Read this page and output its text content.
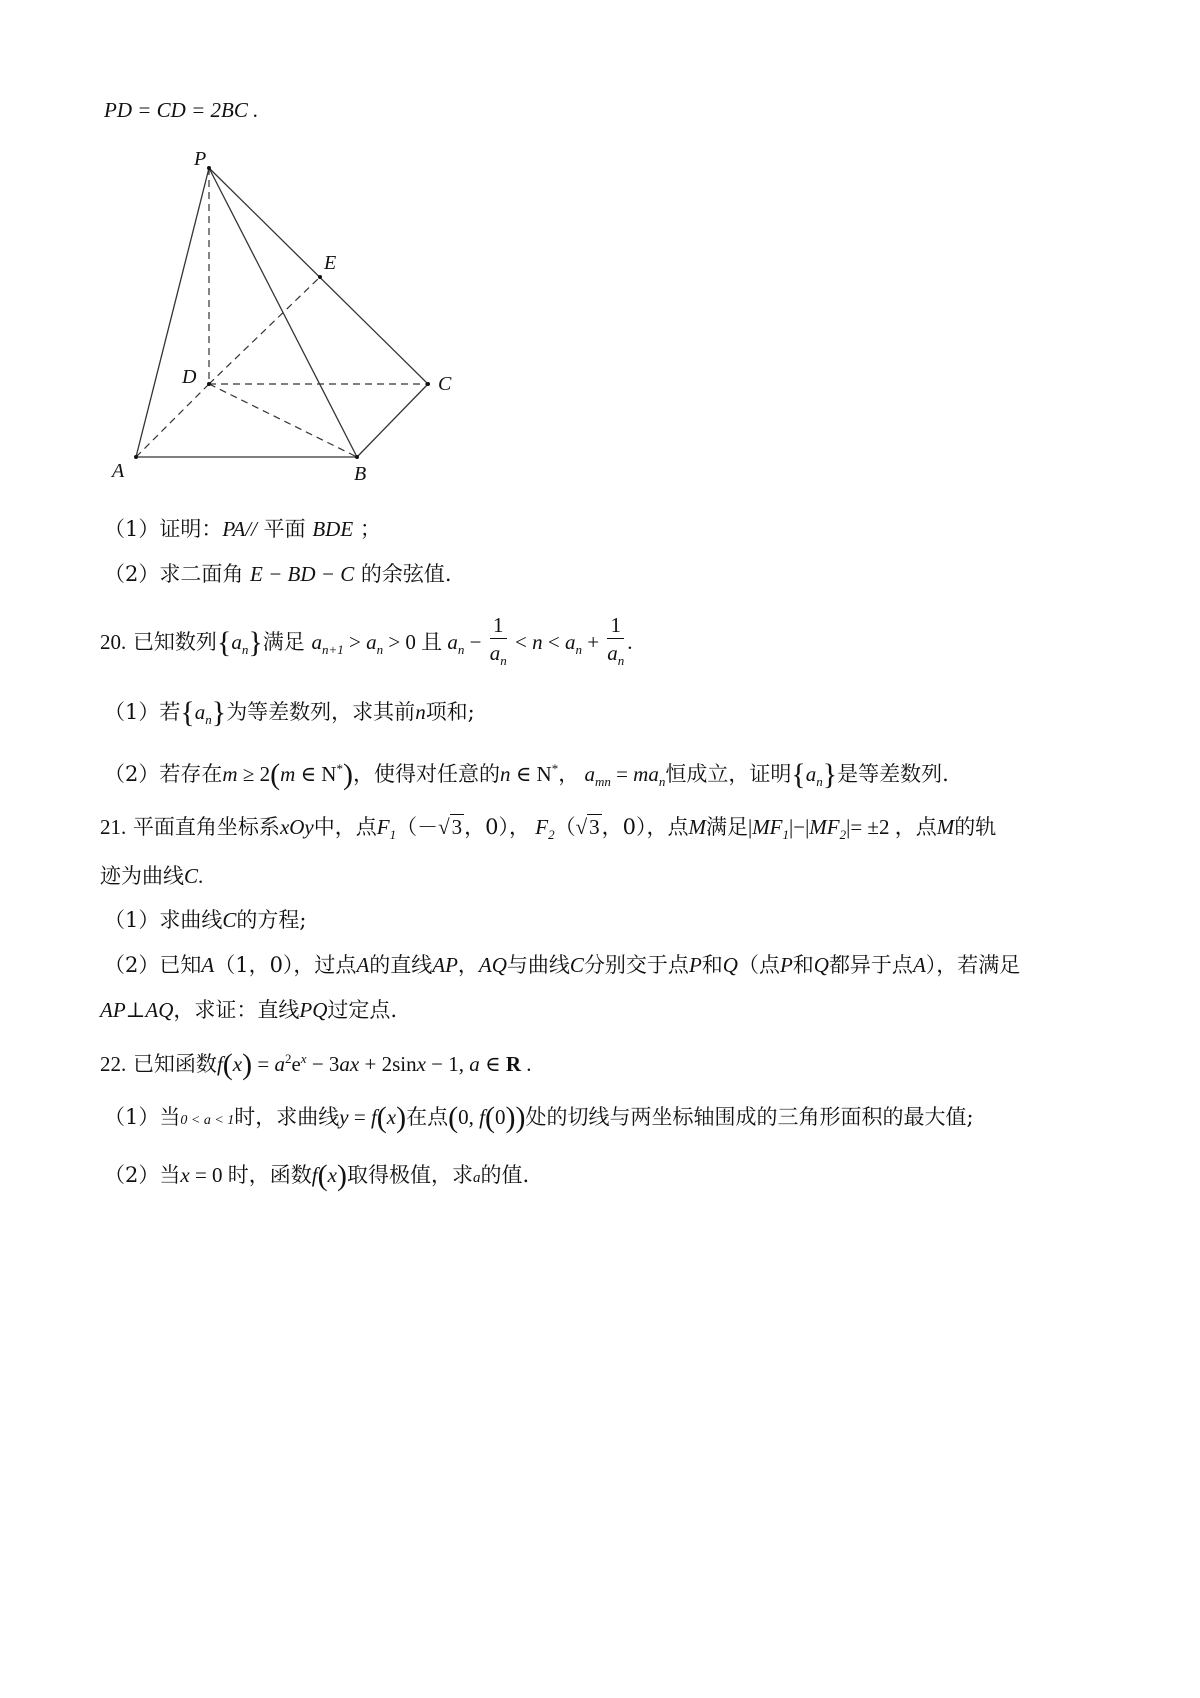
PD = CD = 2BC .
P
E
D	C
A	B
（1）证明：PA// 平面 BDE ；
（2）求二面角 E − BD − C 的余弦值.
20. 已知数列$\{a_n\}$满足 $a_{n+1} > a_n > 0$ 且 $a_n - \frac{1}{a_n} < n < a_n + \frac{1}{a_n}$ .
（1）若$\{a_n\}$为等差数列，求其前n项和;
（2）若存在m ≥ 2(m ∈ N*)，使得对任意的n ∈ N*， $a_{mn} = ma_n$恒成立，证明$\{a_n\}$是等差数列.
21. 平面直角坐标系xOy中，点$F_1(-√3$，0）， $F_2(√3$，0），点M满足$|MF_1|-|MF_2|= \pm 2$ ，点M的轨
迹为曲线C.
（1）求曲线C的方程;
（2）已知A（1，0），过点A的直线AP，AQ与曲线C分别交于点P和Q（点P和Q都异于点A），若满足
AP⊥AQ，求证：直线PQ过定点.
22. 已知函数$f(x) = a^2e^x - 3ax + 2\sin x - 1$, a ∈ R .
（1）当0 < a < 1时，求曲线y = f(x)在点(0, f(0))处的切线与两坐标轴围成的三角形面积的最大值;
（2）当x = 0 时，函数f(x)取得极值，求a的值.
